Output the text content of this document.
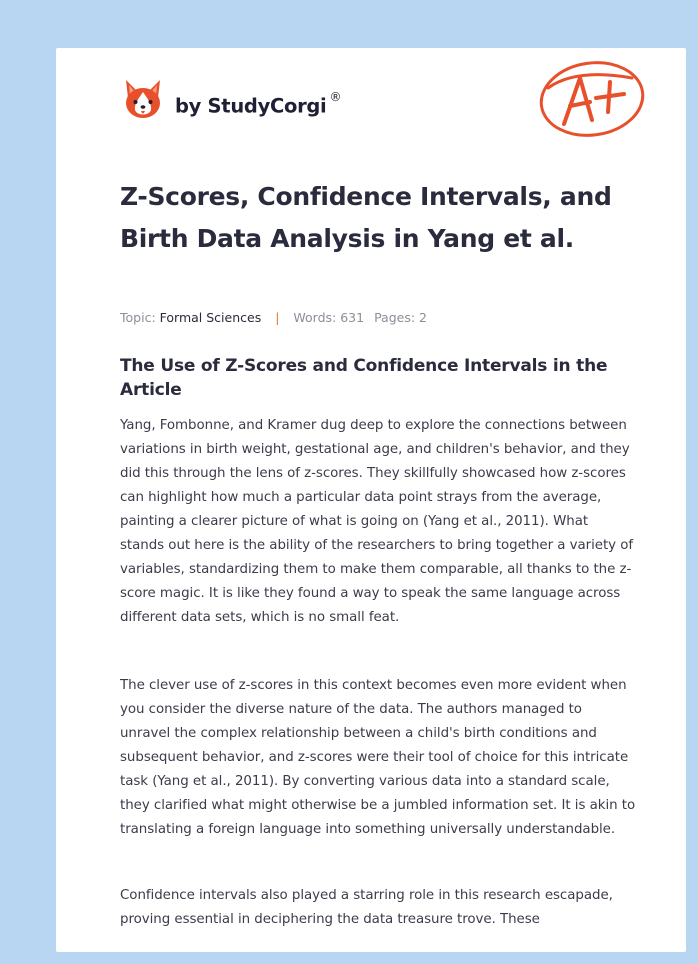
by StudyCorgi ®
Z-Scores, Confidence Intervals, and Birth Data Analysis in Yang et al.
Topic: Formal Sciences | Words: 631 Pages: 2
The Use of Z-Scores and Confidence Intervals in the Article

Yang, Fombonne, and Kramer dug deep to explore the connections between variations in birth weight, gestational age, and children's behavior, and they did this through the lens of z-scores. They skillfully showcased how z-scores can highlight how much a particular data point strays from the average, painting a clearer picture of what is going on (Yang et al., 2011). What stands out here is the ability of the researchers to bring together a variety of variables, standardizing them to make them comparable, all thanks to the z-score magic. It is like they found a way to speak the same language across different data sets, which is no small feat.

The clever use of z-scores in this context becomes even more evident when you consider the diverse nature of the data. The authors managed to unravel the complex relationship between a child's birth conditions and subsequent behavior, and z-scores were their tool of choice for this intricate task (Yang et al., 2011). By converting various data into a standard scale, they clarified what might otherwise be a jumbled information set. It is akin to translating a foreign language into something universally understandable.

Confidence intervals also played a starring role in this research escapade, proving essential in deciphering the data treasure trove. These
